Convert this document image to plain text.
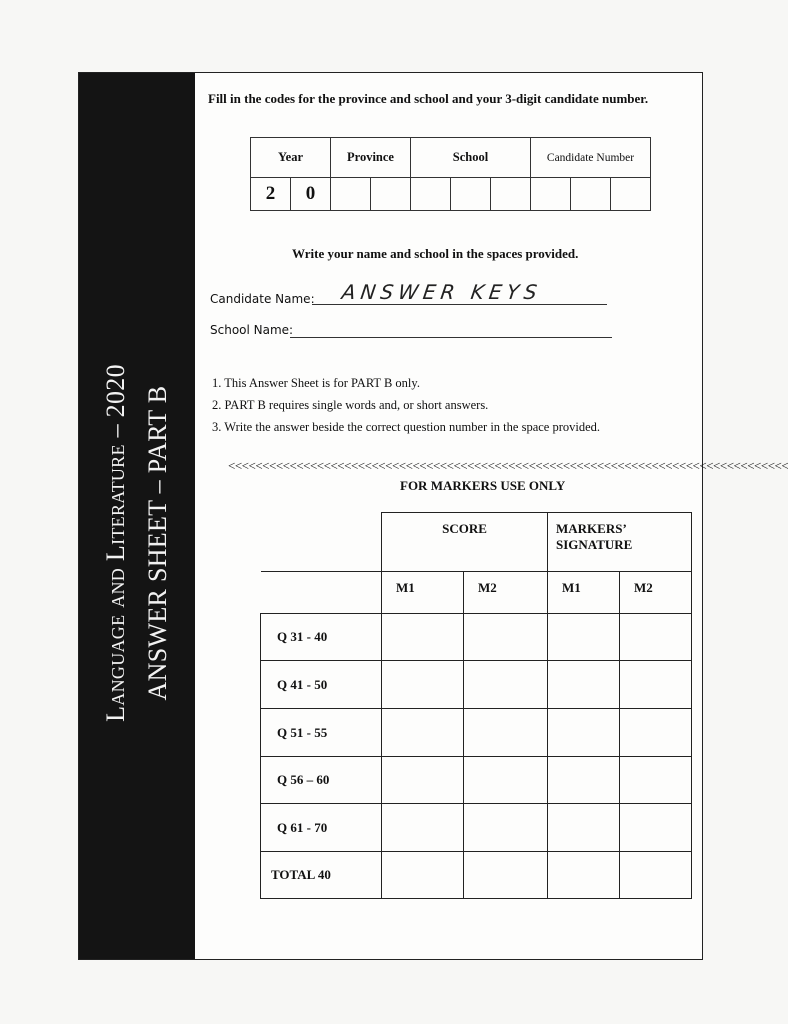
Language and Literature – 2020 ANSWER SHEET – PART B
Fill in the codes for the province and school and your 3-digit candidate number.
Year		Province		School			Candidate Number		
2	0								
Write your name and school in the spaces provided.
Candidate Name: ANSWER KEYS
School Name:
1. This Answer Sheet is for PART B only.
2. PART B requires single words and, or short answers.
3. Write the answer beside the correct question number in the space provided.
<<<<<<<<<<<<<<<<<<<<<<<<<<<<<<<<<<<<<<<<<<<<<<<<<<<<<<<<<<<<<<<<<<<<<<<<<<<<<<<<<<
FOR MARKERS USE ONLY
	SCORE		MARKERS’ SIGNATURE	
	M1	M2	M1	M2
Q 31 - 40				
Q 41 - 50				
Q 51 - 55				
Q 56 – 60				
Q 61 - 70				
TOTAL 40				
